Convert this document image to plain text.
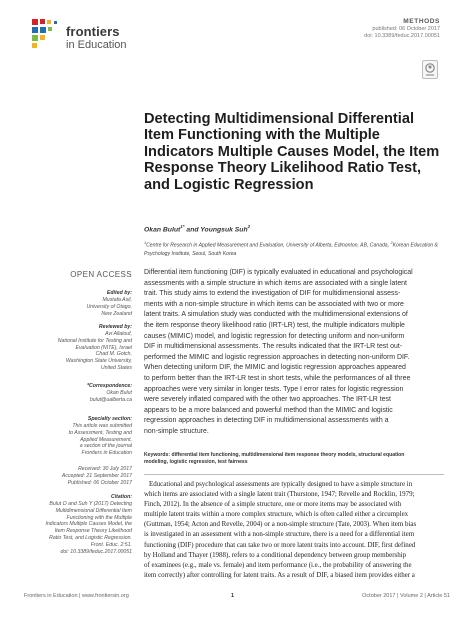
frontiers
in Education
METHODS
published: 06 October 2017
doi: 10.3389/feduc.2017.00051
Detecting Multidimensional Differential Item Functioning with the Multiple Indicators Multiple Causes Model, the Item Response Theory Likelihood Ratio Test, and Logistic Regression
Okan Bulut$^{1*}$ and Youngsuk Suh$^2$
$^1$Centre for Research in Applied Measurement and Evaluation, University of Alberta, Edmonton, AB, Canada, $^2$Korean Education & Psychology Institute, Seoul, South Korea
OPEN ACCESS
Edited by:
Mustafa Asil,
University of Otago,
New Zealand
Reviewed by:
Avi Allalouf,
National Institute for Testing and
Evaluation (NITE), Israel
Chad M. Gotch,
Washington State University,
United States
*Correspondence:
Okan Bulut
bulut@ualberta.ca
Specialty section:
This article was submitted
to Assessment, Testing and
Applied Measurement,
a section of the journal
Frontiers in Education
Received: 30 July 2017
Accepted: 21 September 2017
Published: 06 October 2017
Citation:
Bulut O and Suh Y (2017) Detecting
Multidimensional Differential Item
Functioning with the Multiple
Indicators Multiple Causes Model, the
Item Response Theory Likelihood
Ratio Test, and Logistic Regression.
Front. Educ. 2:51.
doi: 10.3389/feduc.2017.00051
Differential item functioning (DIF) is typically evaluated in educational and psychological
assessments with a simple structure in which items are associated with a single latent
trait. This study aims to extend the investigation of DIF for multidimensional assess-
ments with a non-simple structure in which items can be associated with two or more
latent traits. A simulation study was conducted with the multidimensional extensions of
the item response theory likelihood ratio (IRT-LR) test, the multiple indicators multiple
causes (MIMIC) model, and logistic regression for detecting uniform and non-uniform
DIF in multidimensional assessments. The results indicated that the IRT-LR test out-
performed the MIMIC and logistic regression approaches in detecting non-uniform DIF.
When detecting uniform DIF, the MIMIC and logistic regression approaches appeared
to perform better than the IRT-LR test in short tests, while the performances of all three
approaches were very similar in longer tests. Type I error rates for logistic regression
were severely inflated compared with the other two approaches. The IRT-LR test
appears to be a more balanced and powerful method than the MIMIC and logistic
regression approaches in detecting DIF in multidimensional assessments with a
non-simple structure.
Keywords: differential item functioning, multidimensional item response theory models, structural equation
modeling, logistic regression, test fairness
Educational and psychological assessments are typically designed to have a simple structure in
which items are associated with a single latent trait (Thurstone, 1947; Revelle and Rocklin, 1979;
Finch, 2012). In the absence of a simple structure, one or more items may be associated with
multiple latent traits within a more complex structure, which is often called either a circumplex
(Guttman, 1954; Acton and Revelle, 2004) or a non-simple structure (Tate, 2003). When item bias
is investigated in an assessment with a non-simple structure, there is a need for a differential item
functioning (DIF) procedure that can take two or more latent traits into account. DIF, first defined
by Holland and Thayer (1988), refers to a conditional dependency between group membership
of examinees (e.g., male vs. female) and item performance (i.e., the probability of answering the
item correctly) after controlling for latent traits. As a result of DIF, a biased item provides either a
Frontiers in Education | www.frontiersin.org	1	October 2017 | Volume 2 | Article 51
